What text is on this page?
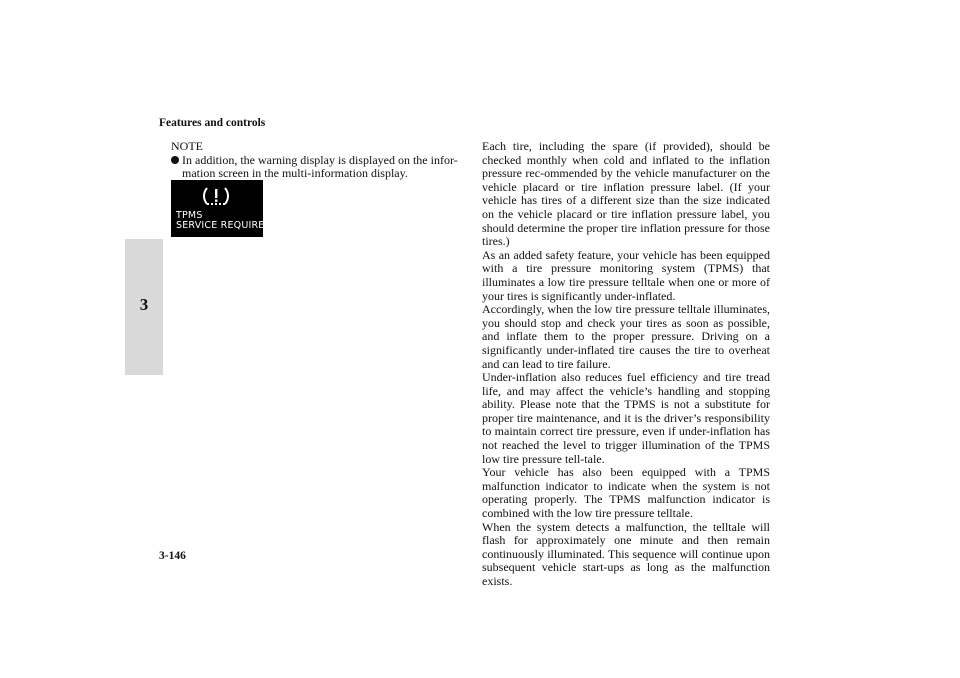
Features and controls
3
NOTE
In addition, the warning display is displayed on the infor-mation screen in the multi-information display.
TPMS
SERVICE REQUIRED

Each tire, including the spare (if provided), should be checked monthly when cold and inflated to the inflation pressure rec-ommended by the vehicle manufacturer on the vehicle placard or tire inflation pressure label. (If your vehicle has tires of a different size than the size indicated on the vehicle placard or tire inflation pressure label, you should determine the proper tire inflation pressure for those tires.)

As an added safety feature, your vehicle has been equipped with a tire pressure monitoring system (TPMS) that illuminates a low tire pressure telltale when one or more of your tires is significantly under-inflated.

Accordingly, when the low tire pressure telltale illuminates, you should stop and check your tires as soon as possible, and inflate them to the proper pressure. Driving on a significantly under-inflated tire causes the tire to overheat and can lead to tire failure.

Under-inflation also reduces fuel efficiency and tire tread life, and may affect the vehicle’s handling and stopping ability. Please note that the TPMS is not a substitute for proper tire maintenance, and it is the driver’s responsibility to maintain correct tire pressure, even if under-inflation has not reached the level to trigger illumination of the TPMS low tire pressure tell-tale.

Your vehicle has also been equipped with a TPMS malfunction indicator to indicate when the system is not operating properly. The TPMS malfunction indicator is combined with the low tire pressure telltale.

When the system detects a malfunction, the telltale will flash for approximately one minute and then remain continuously illuminated. This sequence will continue upon subsequent vehicle start-ups as long as the malfunction exists.

3-146
